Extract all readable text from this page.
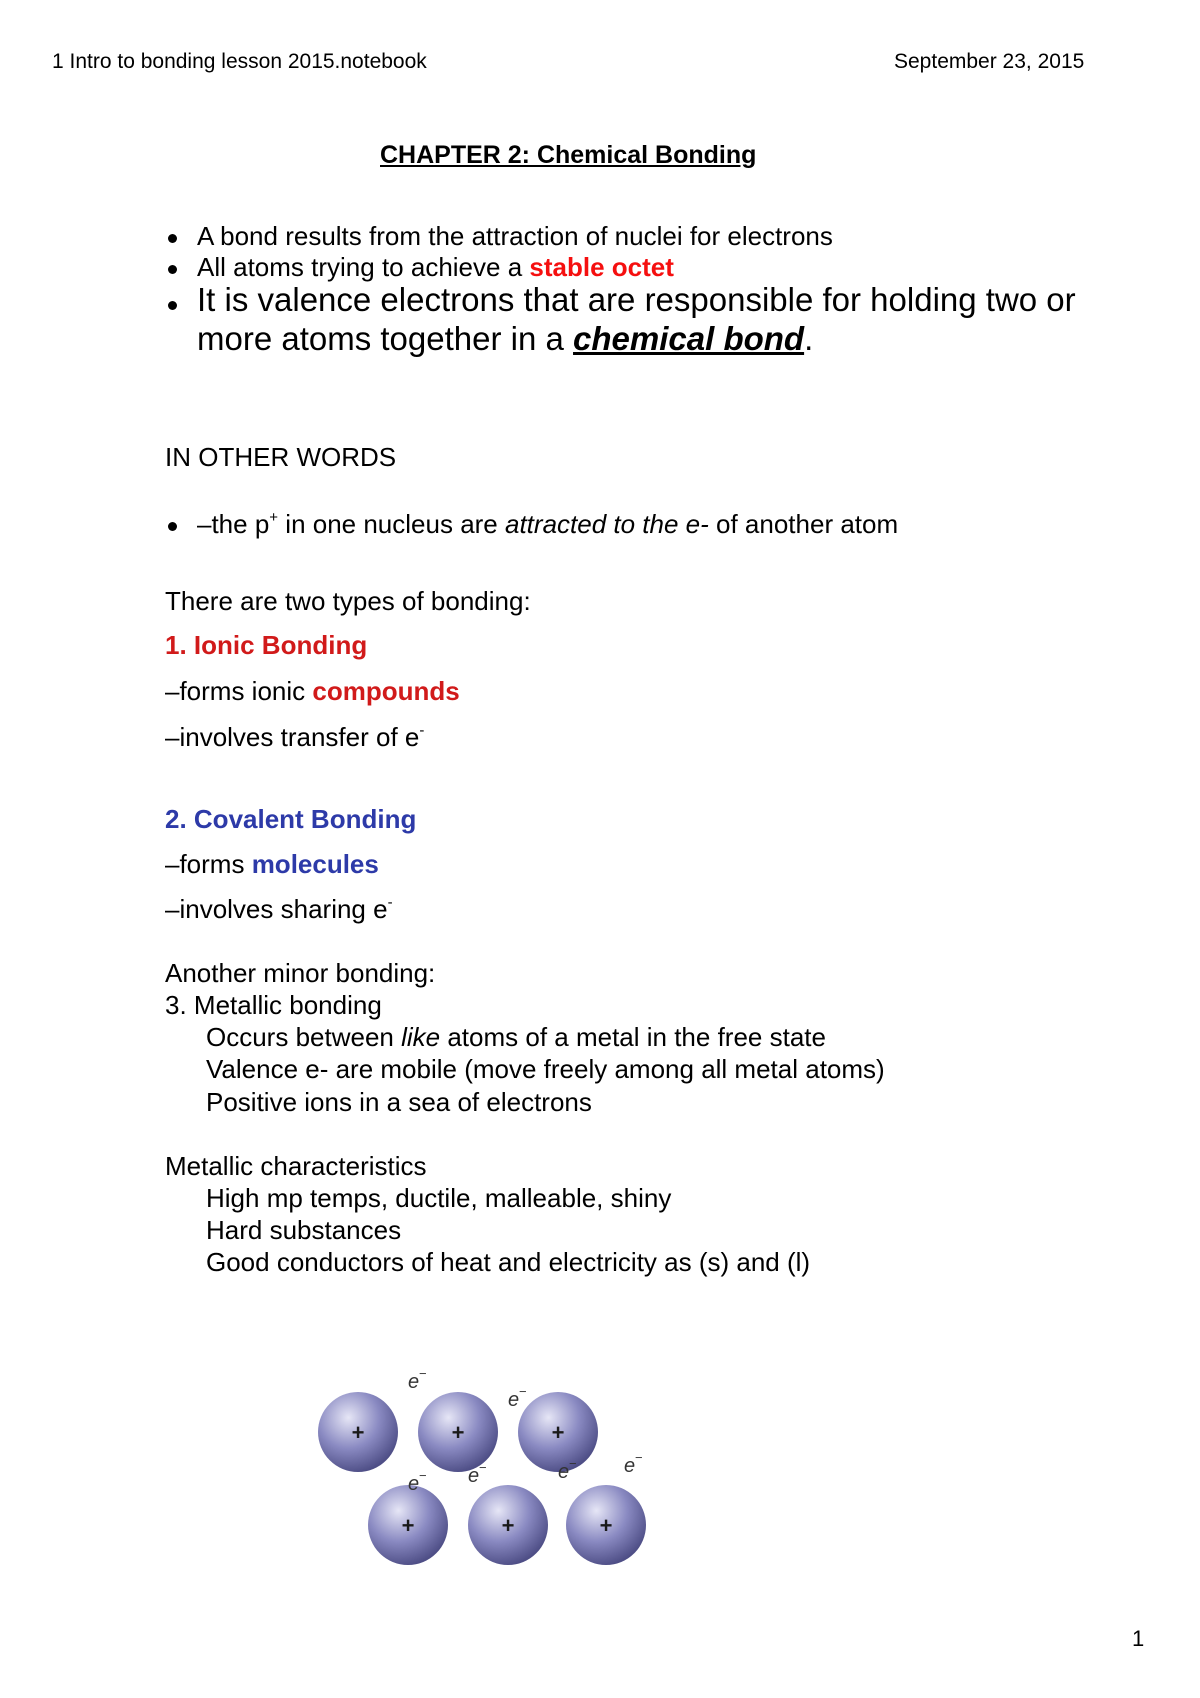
1 Intro to bonding lesson 2015.notebook	September 23, 2015
CHAPTER 2: Chemical Bonding
A bond results from the attraction of nuclei for electrons
All atoms trying to achieve a stable octet
It is valence electrons that are responsible for holding two or
more atoms together in a chemical bond.
IN OTHER WORDS
–the p+ in one nucleus are attracted to the e- of another atom
There are two types of bonding:
1. Ionic Bonding
–forms ionic compounds
–involves transfer of e-
2. Covalent Bonding
–forms molecules
–involves sharing e-
Another minor bonding:
3. Metallic bonding
Occurs between like atoms of a metal in the free state
Valence e- are mobile (move freely among all metal atoms)
Positive ions in a sea of electrons
Metallic characteristics
High mp temps, ductile, malleable, shiny
Hard substances
Good conductors of heat and electricity as (s) and (l)
+	+	+
+	+	+
e −
e −
e − e −	e − e −
1
